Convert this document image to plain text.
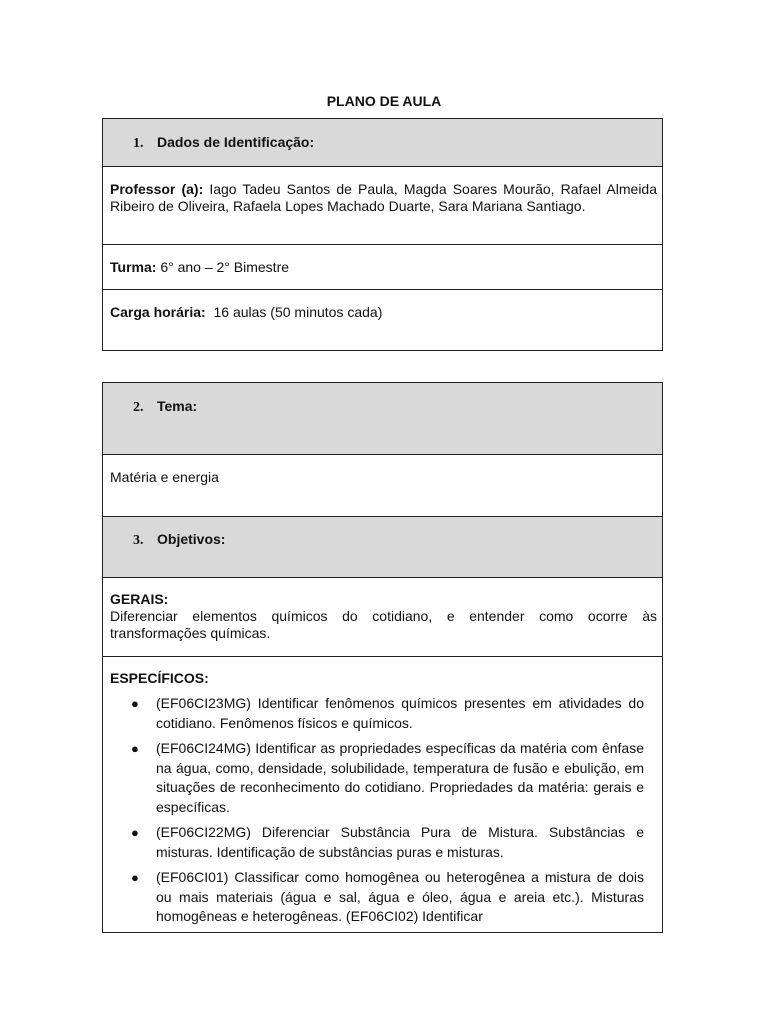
PLANO DE AULA
1. Dados de Identificação:
Professor (a): Iago Tadeu Santos de Paula, Magda Soares Mourão, Rafael Almeida Ribeiro de Oliveira, Rafaela Lopes Machado Duarte, Sara Mariana Santiago.
Turma: 6° ano – 2° Bimestre
Carga horária: 16 aulas (50 minutos cada)
2. Tema:
Matéria e energia
3. Objetivos:
GERAIS:
Diferenciar elementos químicos do cotidiano, e entender como ocorre às transformações químicas.
ESPECÍFICOS:
● (EF06CI23MG) Identificar fenômenos químicos presentes em atividades do cotidiano. Fenômenos físicos e químicos.
● (EF06CI24MG) Identificar as propriedades específicas da matéria com ênfase na água, como, densidade, solubilidade, temperatura de fusão e ebulição, em situações de reconhecimento do cotidiano. Propriedades da matéria: gerais e específicas.
● (EF06CI22MG) Diferenciar Substância Pura de Mistura. Substâncias e misturas. Identificação de substâncias puras e misturas.
● (EF06CI01) Classificar como homogênea ou heterogênea a mistura de dois ou mais materiais (água e sal, água e óleo, água e areia etc.). Misturas homogêneas e heterogêneas. (EF06CI02) Identificar
